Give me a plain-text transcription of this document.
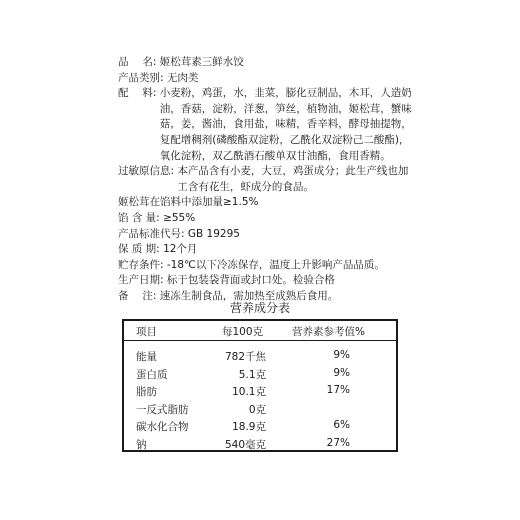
品　 名: 姬松茸素三鲜水饺
产品类别: 无肉类
配　 料: 小麦粉，鸡蛋，水，韭菜，膨化豆制品，木耳，人造奶油，香菇，淀粉，洋葱，笋丝，植物油，姬松茸，蟹味菇，姜，酱油，食用盐，味精，香辛料，酵母抽提物，复配增稠剂(磷酸酯双淀粉，乙酰化双淀粉己二酸酯)，氧化淀粉，双乙酰酒石酸单双甘油酯，食用香精。
过敏原信息: 本产品含有小麦，大豆，鸡蛋成分；此生产线也加工含有花生，虾成分的食品。
姬松茸在馅料中添加量≥1.5%
馅 含 量: ≥55%
产品标准代号: GB 19295
保 质 期: 12个月
贮存条件: -18℃以下冷冻保存，温度上升影响产品品质。
生产日期: 标于包装袋背面或封口处。检验合格
备　 注: 速冻生制食品，需加热至成熟后食用。
营养成分表
项目	每100克	营养素参考值%
能量	782千焦	9%
蛋白质	5.1克	9%
脂肪	10.1克	17%
一反式脂肪	0克
碳水化合物	18.9克	6%
钠	540毫克	27%
